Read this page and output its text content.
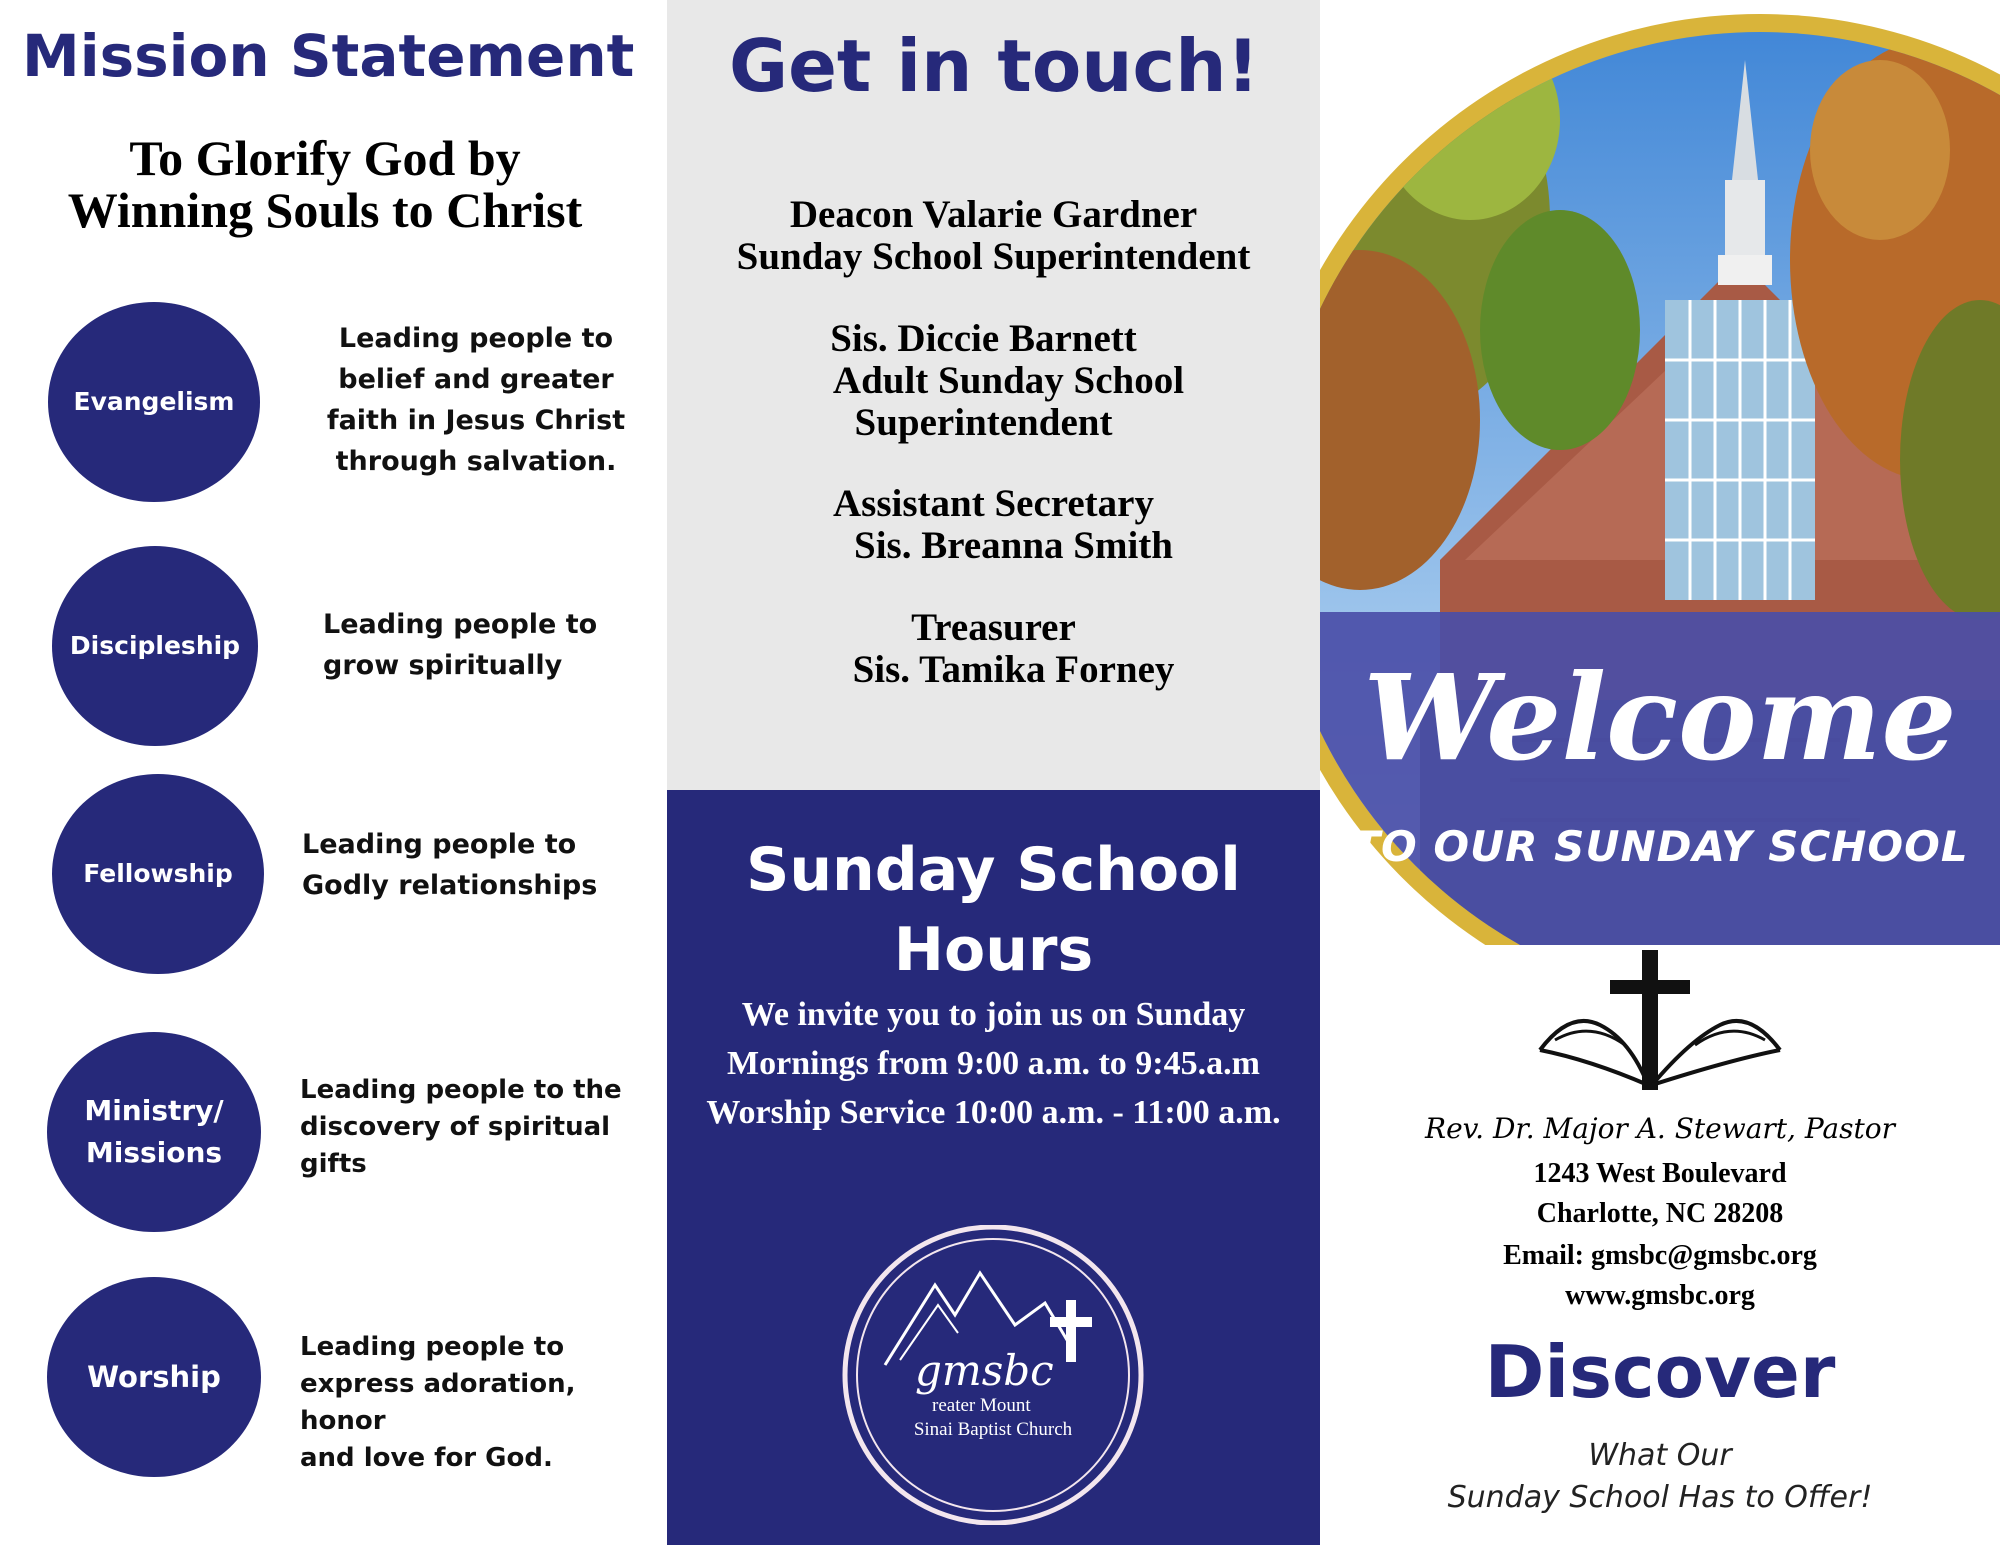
Mission Statement
To Glorify God by
Winning Souls to Christ
Evangelism
Leading people to
belief and greater
faith in Jesus Christ
through salvation.
Discipleship
Leading people to
grow spiritually
Fellowship
Leading people to
Godly relationships
Ministry/
Missions
Leading people to the
discovery of spiritual
gifts
Worship
Leading people to
express adoration, honor
and love for God.
Get in touch!
Deacon Valarie Gardner
Sunday School Superintendent
Sis. Diccie Barnett
Adult Sunday School
Superintendent
Assistant Secretary
Sis. Breanna Smith
Treasurer
Sis. Tamika Forney
Sunday School
Hours
We invite you to join us on Sunday
Mornings from 9:00 a.m. to 9:45.a.m
Worship Service 10:00 a.m. - 11:00 a.m.
gmsbc
reater Mount
Sinai Baptist Church
Welcome
TO OUR SUNDAY SCHOOL
Rev. Dr. Major A. Stewart, Pastor
1243 West Boulevard
Charlotte, NC 28208
Email: gmsbc@gmsbc.org
www.gmsbc.org
Discover
What Our
Sunday School Has to Offer!
